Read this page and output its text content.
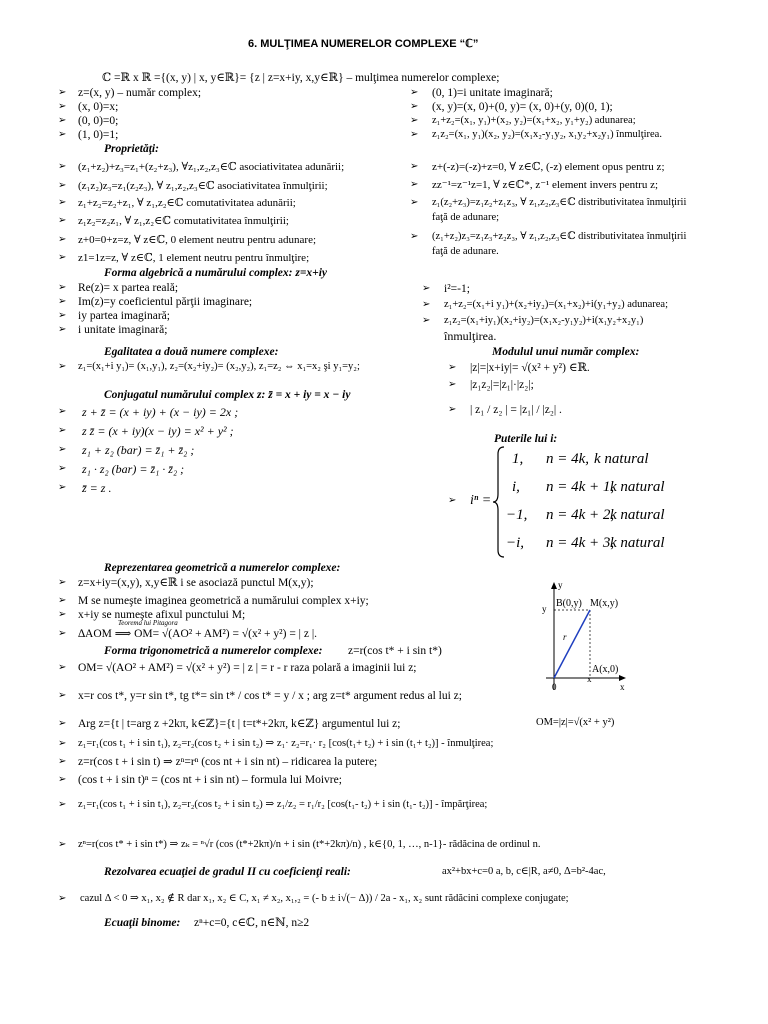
6. MULŢIMEA NUMERELOR COMPLEXE “ℂ”
ℂ =ℝ x ℝ ={(x, y) | x, y∈ℝ}= {z | z=x+iy, x,y∈ℝ} – mulţimea numerelor complexe;
➢ z=(x, y) – număr complex;
➢ (x, 0)=x;
➢ (0, 0)=0;
➢ (1, 0)=1;
➢ (0, 1)=i unitate imaginară;
➢ (x, y)=(x, 0)+(0, y)= (x, 0)+(y, 0)(0, 1);
➢ z₁+z₂=(x₁, y₁)+(x₂, y₂)=(x₁+x₂, y₁+y₂) adunarea;
➢ z₁z₂=(x₁, y₁)(x₂, y₂)=(x₁x₂-y₁y₂, x₁y₂+x₂y₁) înmulţirea.
Proprietăţi:
➢ (z₁+z₂)+z₃=z₁+(z₂+z₃), ∀z₁,z₂,z₃∈ℂ asociativitatea adunării;
➢ (z₁z₂)z₃=z₁(z₂z₃), ∀ z₁,z₂,z₃∈ℂ asociativitatea înmulţirii;
➢ z₁+z₂=z₂+z₁, ∀ z₁,z₂∈ℂ comutativitatea adunării;
➢ z₁z₂=z₂z₁, ∀ z₁,z₂∈ℂ comutativitatea înmulţirii;
➢ z+0=0+z=z, ∀ z∈ℂ, 0 element neutru pentru adunare;
➢ z1=1z=z, ∀ z∈ℂ, 1 element neutru pentru înmulţire;
➢ z+(-z)=(-z)+z=0, ∀ z∈ℂ, (-z) element opus pentru z;
➢ zz⁻¹=z⁻¹z=1, ∀ z∈ℂ*, z⁻¹ element invers pentru z;
➢ z₁(z₂+z₃)=z₁z₂+z₁z₃, ∀ z₁,z₂,z₃∈ℂ distributivitatea înmulţirii
faţă de adunare;
➢ (z₁+z₂)z₃=z₁z₃+z₂z₃, ∀ z₁,z₂,z₃∈ℂ distributivitatea înmulţirii
faţă de adunare.
Forma algebrică a numărului complex: z=x+iy
➢ Re(z)= x partea reală;
➢ Im(z)=y coeficientul părţii imaginare;
➢ iy partea imaginară;
➢ i unitate imaginară;
➢ i²=-1;
➢ z₁+z₂=(x₁+i y₁)+(x₂+iy₂)=(x₁+x₂)+i(y₁+y₂) adunarea;
➢ z₁z₂=(x₁+iy₁)(x₂+iy₂)=(x₁x₂-y₁y₂)+i(x₁y₂+x₂y₁)
înmulţirea.
Egalitatea a două numere complexe:
➢ z₁=(x₁+i y₁)= (x₁,y₁), z₂=(x₂+iy₂)= (x₂,y₂), z₁=z₂ ⇔ x₁=x₂ şi y₁=y₂;
Modulul unui număr complex:
➢ |z|=|x+iy|= √(x² + y²) ∈ℝ.
➢ |z₁z₂|=|z₁|·|z₂|;
➢ | z₁ / z₂ | = |z₁| / |z₂| .
Conjugatul numărului complex z: z̄ = x + iy = x − iy
➢ z + z̄ = (x + iy) + (x − iy) = 2x ;
➢ z z̄ = (x + iy)(x − iy) = x² + y² ;
➢ z₁ + z₂ (bar) = z̄₁ + z̄₂ ;
➢ z₁ · z₂ (bar) = z̄₁ · z̄₂ ;
➢ z̄̄ = z .
Puterile lui i:
➢ iⁿ =
1, n = 4k, k natural
i, n = 4k + 1,
k natural
−1, n = 4k + 2,
k natural
−i, n = 4k + 3,
k natural
Reprezentarea geometrică a numerelor complexe:
➢ z=x+iy=(x,y), x,y∈ℝ i se asociază punctul M(x,y);
➢ M se numeşte imaginea geometrică a numărului complex x+iy;
➢ x+iy se numeşte afixul punctului M;
Teorema lui Pitagora
➢ ∆AOM ⟹ OM= √(AO² + AM²) = √(x² + y²) = | z |.
y
B(0,y) M(x,y)
y
r
A(x,0)
0
x
x
OM=|z|=√(x² + y²)
Forma trigonometrică a numerelor complexe: z=r(cos t* + i sin t*)
➢ OM= √(AO² + AM²) = √(x² + y²) = | z | = r - r raza polară a imaginii lui z;
➢ x=r cos t*, y=r sin t*, tg t*= sin t* / cos t* = y / x ; arg z=t* argument redus al lui z;
➢ Arg z={t | t=arg z +2kπ, k∈ℤ}={t | t=t*+2kπ, k∈ℤ} argumentul lui z;
➢ z₁=r₁(cos t₁ + i sin t₁), z₂=r₂(cos t₂ + i sin t₂) ⇒ z₁· z₂=r₁· r₂ [cos(t₁+ t₂) + i sin (t₁+ t₂)] - înmulţirea;
➢ z=r(cos t + i sin t) ⇒ zⁿ=rⁿ (cos nt + i sin nt) – ridicarea la putere;
➢ (cos t + i sin t)ⁿ = (cos nt + i sin nt) – formula lui Moivre;
➢ z₁=r₁(cos t₁ + i sin t₁), z₂=r₂(cos t₂ + i sin t₂) ⇒ z₁/z₂ = r₁/r₂ [cos(t₁- t₂) + i sin (t₁- t₂)] - împărţirea;
➢ zⁿ=r(cos t* + i sin t*) ⇒ zₖ = ⁿ√r (cos (t*+2kπ)/n + i sin (t*+2kπ)/n) , k∈{0, 1, …, n-1}- rădăcina de ordinul n.
Rezolvarea ecuaţiei de gradul II cu coeficienţi reali:	ax²+bx+c=0 a, b, c∈|R, a≠0, Δ=b²-4ac,
➢ cazul Δ < 0 ⇒ x₁, x₂ ∉ R dar x₁, x₂ ∈ C, x₁ ≠ x₂, x₁,₂ = (- b ± i√(− Δ)) / 2a - x₁, x₂ sunt rădăcini complexe conjugate;
Ecuaţii binome: zⁿ+c=0, c∈ℂ, n∈ℕ, n≥2
